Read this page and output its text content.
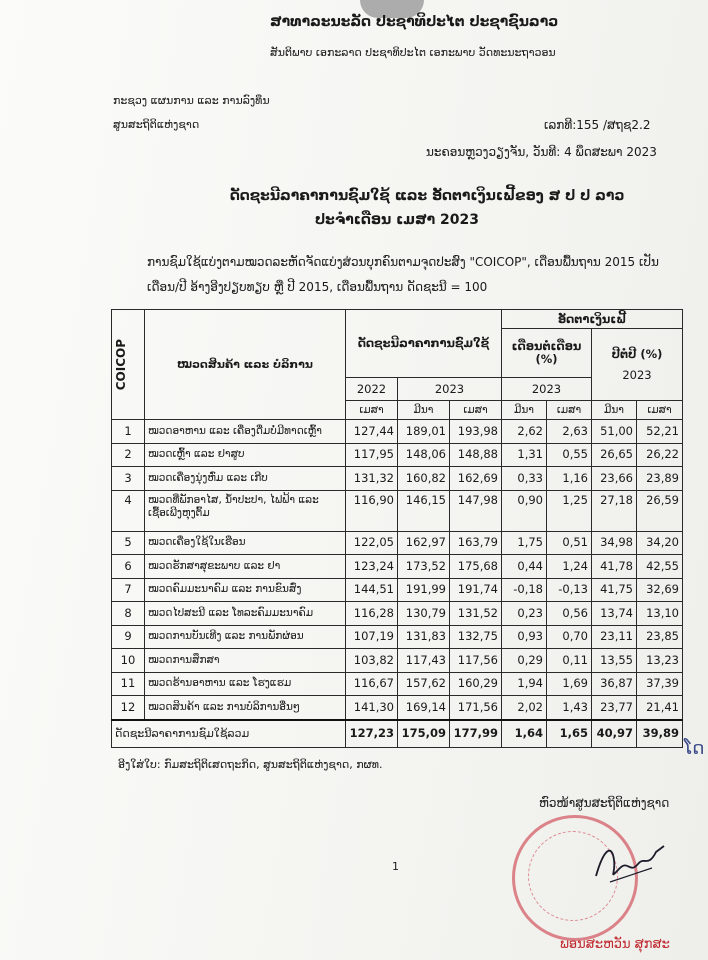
ສາທາລະນະລັດ ປະຊາທິປະໄຕ ປະຊາຊົນລາວ
ສັນຕິພາບ ເອກະລາດ ປະຊາທິປະໄຕ ເອກະພາບ ວັດທະນະຖາວອນ
ກະຊວງ ແຜນການ ແລະ ການລົງທຶນ
ສູນສະຖິຕິແຫ່ງຊາດ	ເລກທີ:155 /ສຖຊ2.2
ນະຄອນຫຼວງວຽງຈັນ, ວັນທີ: 4 ພຶດສະພາ 2023
ດັດຊະນີລາຄາການຊົມໃຊ້ ແລະ ອັດຕາເງິນເຟີ້ຂອງ ສ ປ ປ ລາວ
ປະຈຳເດືອນ ເມສາ 2023
ການຊົມໃຊ້ແບ່ງຕາມໝວດລະຫັດຈັດແບ່ງສ່ວນບຸກຄົນຕາມຈຸດປະສົງ "COICOP", ເດືອນພື້ນຖານ 2015 ເປັນ
ເດືອນ/ປີ ອ້າງອີງປຽບທຽບ ຫຼື ປີ 2015, ເດືອນພື້ນຖານ ດັດຊະນີ = 100
COICOP	ໝວດສິນຄ້າ ແລະ ບໍລິການ	ດັດຊະນີລາຄາການຊົມໃຊ້			ອັດຕາເງິນເຟີ້			
					ເດືອນຕໍ່ເດືອນ (%)		ປີຕໍ່ປີ (%)
2023	

		2022	2023		2023			
		ເມສາ	ມີນາ	ເມສາ	ມີນາ	ເມສາ	ມີນາ	ເມສາ
1	ໝວດອາຫານ ແລະ ເຄື່ອງດື່ມບໍ່ມີທາດເຫຼົ້າ	127,44	189,01	193,98	2,62	2,63	51,00	52,21
2	ໝວດເຫຼົ້າ ແລະ ຢາສູບ	117,95	148,06	148,88	1,31	0,55	26,65	26,22
3	ໝວດເຄື່ອງນຸ່ງຫົ່ມ ແລະ ເກີບ	131,32	160,82	162,69	0,33	1,16	23,66	23,89
4	ໝວດທີ່ພັກອາໄສ, ນ້ຳປະປາ, ໄຟຟ້າ ແລະ ເຊື້ອເພີງຫຸງຕົ້ມ	116,90	146,15	147,98	0,90	1,25	27,18	26,59
5	ໝວດເຄື່ອງໃຊ້ໃນເຮືອນ	122,05	162,97	163,79	1,75	0,51	34,98	34,20
6	ໝວດຮັກສາສຸຂະພາບ ແລະ ຢາ	123,24	173,52	175,68	0,44	1,24	41,78	42,55
7	ໝວດຄົມມະນາຄົມ ແລະ ການຂົນສົ່ງ	144,51	191,99	191,74	-0,18	-0,13	41,75	32,69
8	ໝວດໄປສະນີ ແລະ ໂທລະຄົມມະນາຄົມ	116,28	130,79	131,52	0,23	0,56	13,74	13,10
9	ໝວດການບັນເທີງ ແລະ ການພັກຜ່ອນ	107,19	131,83	132,75	0,93	0,70	23,11	23,85
10	ໝວດການສຶກສາ	103,82	117,43	117,56	0,29	0,11	13,55	13,23
11	ໝວດຮ້ານອາຫານ ແລະ ໂຮງແຮມ	116,67	157,62	160,29	1,94	1,69	36,87	37,39
12	ໝວດສິນຄ້າ ແລະ ການບໍລິການອື່ນໆ	141,30	169,14	171,56	2,02	1,43	23,77	21,41
ດັດຊະນີລາຄາການຊົມໃຊ້ລວມ		127,23	175,09	177,99	1,64	1,65	40,97	39,89
ໂດ
ອີງໃສ່ໃບ: ກົມສະຖິຕິເສດຖະກິດ, ສູນສະຖິຕິແຫ່ງຊາດ, ກຜທ.
ຫົວໜ້າສູນສະຖິຕິແຫ່ງຊາດ
1
ພອນສະຫວັນ ສຸກສະ
